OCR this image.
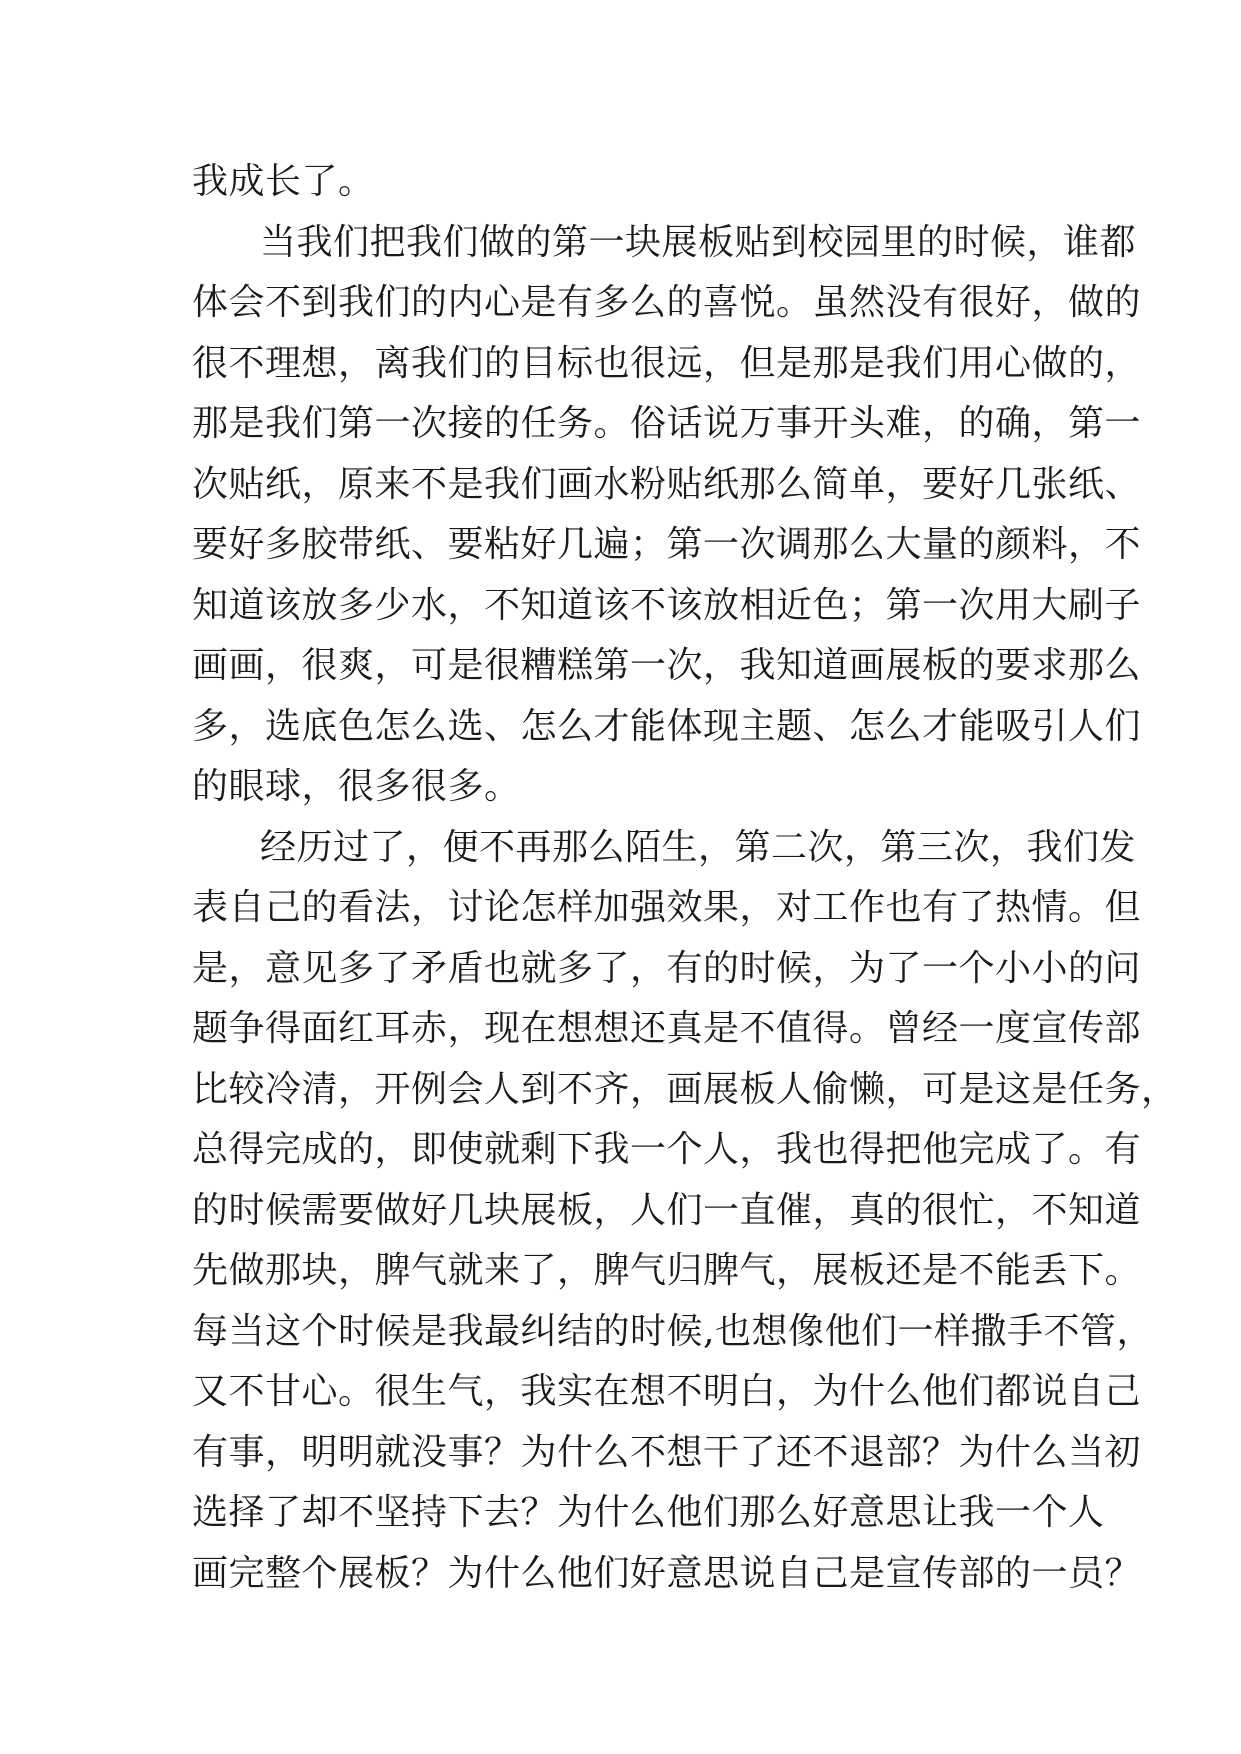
我成长了。
当我们把我们做的第一块展板贴到校园里的时候，谁都
体会不到我们的内心是有多么的喜悦。虽然没有很好，做的
很不理想，离我们的目标也很远，但是那是我们用心做的，
那是我们第一次接的任务。俗话说万事开头难，的确，第一
次贴纸，原来不是我们画水粉贴纸那么简单，要好几张纸、
要好多胶带纸、要粘好几遍；第一次调那么大量的颜料，不
知道该放多少水，不知道该不该放相近色；第一次用大刷子
画画，很爽，可是很糟糕第一次，我知道画展板的要求那么
多，选底色怎么选、怎么才能体现主题、怎么才能吸引人们
的眼球，很多很多。
经历过了，便不再那么陌生，第二次，第三次，我们发
表自己的看法，讨论怎样加强效果，对工作也有了热情。但
是，意见多了矛盾也就多了，有的时候，为了一个小小的问
题争得面红耳赤，现在想想还真是不值得。曾经一度宣传部
比较冷清，开例会人到不齐，画展板人偷懒，可是这是任务，
总得完成的，即使就剩下我一个人，我也得把他完成了。有
的时候需要做好几块展板，人们一直催，真的很忙，不知道
先做那块，脾气就来了，脾气归脾气，展板还是不能丢下。
每当这个时候是我最纠结的时候,也想像他们一样撒手不管，
又不甘心。很生气，我实在想不明白，为什么他们都说自己
有事，明明就没事？为什么不想干了还不退部？为什么当初
选择了却不坚持下去？为什么他们那么好意思让我一个人
画完整个展板？为什么他们好意思说自己是宣传部的一员？
